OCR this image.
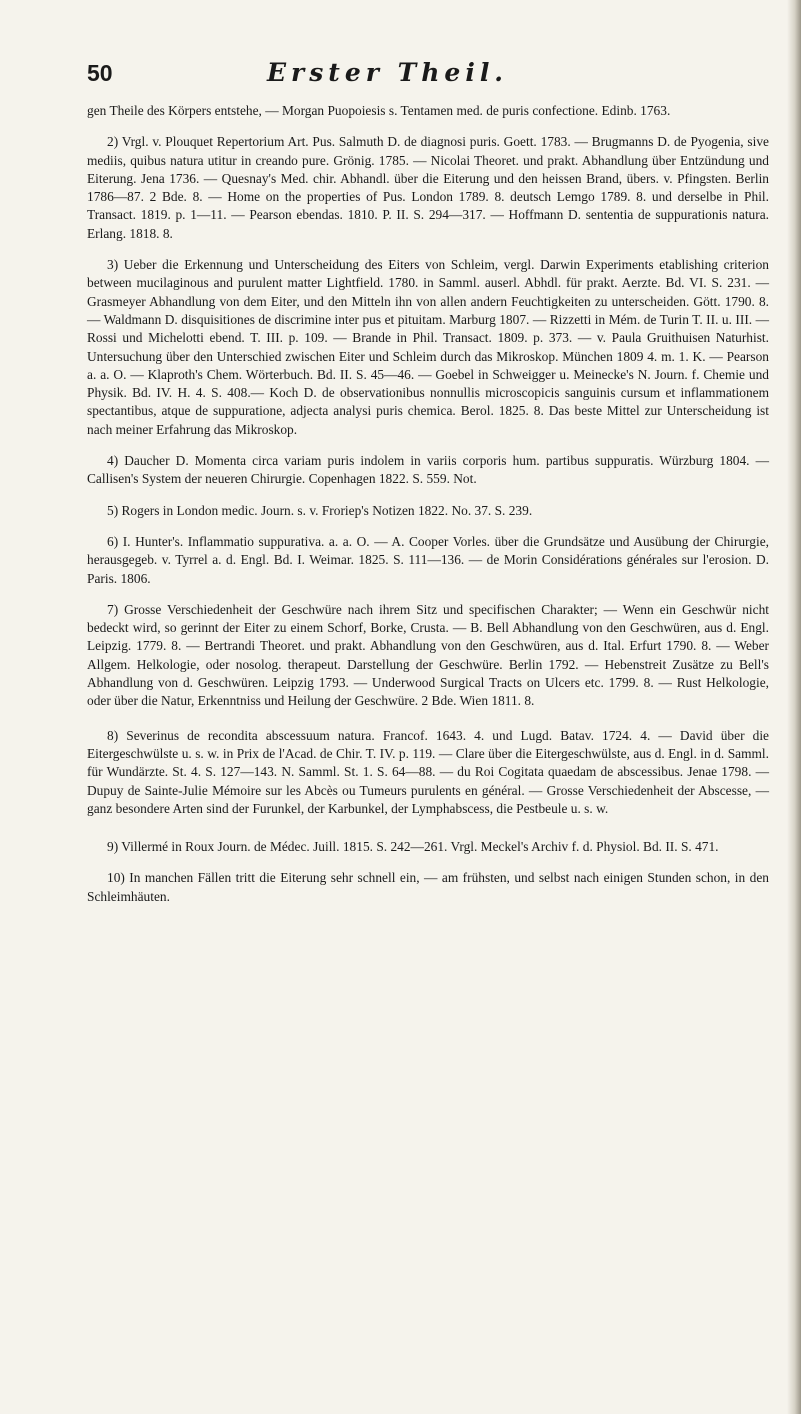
50	Erster Theil.

gen Theile des Körpers entstehe, — Morgan Puopoiesis s. Tentamen med. de puris confectione. Edinb. 1763.

2) Vrgl. v. Plouquet Repertorium Art. Pus. Salmuth D. de diagnosi puris. Goett. 1783. — Brugmanns D. de Pyogenia, sive mediis, quibus natura utitur in creando pure. Grönig. 1785. — Nicolai Theoret. und prakt. Abhandlung über Entzündung und Eiterung. Jena 1736. — Quesnay's Med. chir. Abhandl. über die Eiterung und den heissen Brand, übers. v. Pfingsten. Berlin 1786—87. 2 Bde. 8. — Home on the properties of Pus. London 1789. 8. deutsch Lemgo 1789. 8. und derselbe in Phil. Transact. 1819. p. 1—11. — Pearson ebendas. 1810. P. II. S. 294—317. — Hoffmann D. sententia de suppurationis natura. Erlang. 1818. 8.

3) Ueber die Erkennung und Unterscheidung des Eiters von Schleim, vergl. Darwin Experiments etablishing criterion between mucilaginous and purulent matter Lightfield. 1780. in Samml. auserl. Abhdl. für prakt. Aerzte. Bd. VI. S. 231. — Grasmeyer Abhandlung von dem Eiter, und den Mitteln ihn von allen andern Feuchtigkeiten zu unterscheiden. Gött. 1790. 8. — Waldmann D. disquisitiones de discrimine inter pus et pituitam. Marburg 1807. — Rizzetti in Mém. de Turin T. II. u. III. — Rossi und Michelotti ebend. T. III. p. 109. — Brande in Phil. Transact. 1809. p. 373. — v. Paula Gruithuisen Naturhist. Untersuchung über den Unterschied zwischen Eiter und Schleim durch das Mikroskop. München 1809 4. m. 1. K. — Pearson a. a. O. — Klaproth's Chem. Wörterbuch. Bd. II. S. 45—46. — Goebel in Schweigger u. Meinecke's N. Journ. f. Chemie und Physik. Bd. IV. H. 4. S. 408.— Koch D. de observationibus nonnullis microscopicis sanguinis cursum et inflammationem spectantibus, atque de suppuratione, adjecta analysi puris chemica. Berol. 1825. 8. Das beste Mittel zur Unterscheidung ist nach meiner Erfahrung das Mikroskop.

4) Daucher D. Momenta circa variam puris indolem in variis corporis hum. partibus suppuratis. Würzburg 1804. — Callisen's System der neueren Chirurgie. Copenhagen 1822. S. 559. Not.

5) Rogers in London medic. Journ. s. v. Froriep's Notizen 1822. No. 37. S. 239.

6) I. Hunter's. Inflammatio suppurativa. a. a. O. — A. Cooper Vorles. über die Grundsätze und Ausübung der Chirurgie, herausgegeb. v. Tyrrel a. d. Engl. Bd. I. Weimar. 1825. S. 111—136. — de Morin Considérations générales sur l'erosion. D. Paris. 1806.

7) Grosse Verschiedenheit der Geschwüre nach ihrem Sitz und specifischen Charakter; — Wenn ein Geschwür nicht bedeckt wird, so gerinnt der Eiter zu einem Schorf, Borke, Crusta. — B. Bell Abhandlung von den Geschwüren, aus d. Engl. Leipzig. 1779. 8. — Bertrandi Theoret. und prakt. Abhandlung von den Geschwüren, aus d. Ital. Erfurt 1790. 8. — Weber Allgem. Helkologie, oder nosolog. therapeut. Darstellung der Geschwüre. Berlin 1792. — Hebenstreit Zusätze zu Bell's Abhandlung von d. Geschwüren. Leipzig 1793. — Underwood Surgical Tracts on Ulcers etc. 1799. 8. — Rust Helkologie, oder über die Natur, Erkenntniss und Heilung der Geschwüre. 2 Bde. Wien 1811. 8.

8) Severinus de recondita abscessuum natura. Francof. 1643. 4. und Lugd. Batav. 1724. 4. — David über die Eitergeschwülste u. s. w. in Prix de l'Acad. de Chir. T. IV. p. 119. — Clare über die Eitergeschwülste, aus d. Engl. in d. Samml. für Wundärzte. St. 4. S. 127—143. N. Samml. St. 1. S. 64—88. — du Roi Cogitata quaedam de abscessibus. Jenae 1798. — Dupuy de Sainte-Julie Mémoire sur les Abcès ou Tumeurs purulents en général. — Grosse Verschiedenheit der Abscesse, — ganz besondere Arten sind der Furunkel, der Karbunkel, der Lymphabscess, die Pestbeule u. s. w.

9) Villermé in Roux Journ. de Médec. Juill. 1815. S. 242—261. Vrgl. Meckel's Archiv f. d. Physiol. Bd. II. S. 471.

10) In manchen Fällen tritt die Eiterung sehr schnell ein, — am frühsten, und selbst nach einigen Stunden schon, in den Schleimhäuten.
